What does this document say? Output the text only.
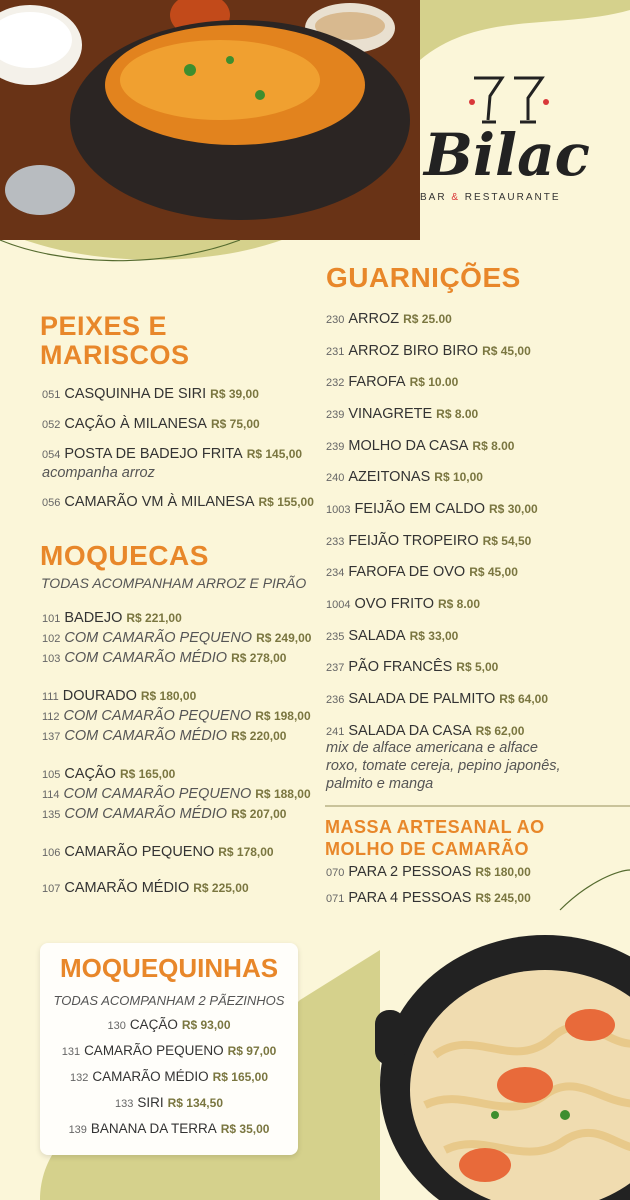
Bilac
BAR & RESTAURANTE
PEIXES E
MARISCOS
051 CASQUINHA DE SIRI R$ 39,00
052 CAÇÃO À MILANESA R$ 75,00
054 POSTA DE BADEJO FRITA R$ 145,00
acompanha arroz
056 CAMARÃO VM À MILANESA R$ 155,00
MOQUECAS
TODAS ACOMPANHAM ARROZ E PIRÃO
101 BADEJO R$ 221,00
102 COM CAMARÃO PEQUENO R$ 249,00
103 COM CAMARÃO MÉDIO R$ 278,00
111 DOURADO R$ 180,00
112 COM CAMARÃO PEQUENO R$ 198,00
137 COM CAMARÃO MÉDIO R$ 220,00
105 CAÇÃO R$ 165,00
114 COM CAMARÃO PEQUENO R$ 188,00
135 COM CAMARÃO MÉDIO R$ 207,00
106 CAMARÃO PEQUENO R$ 178,00
107 CAMARÃO MÉDIO R$ 225,00
GUARNIÇÕES
230 ARROZ R$ 25.00
231 ARROZ BIRO BIRO R$ 45,00
232 FAROFA R$ 10.00
239 VINAGRETE R$ 8.00
239 MOLHO DA CASA R$ 8.00
240 AZEITONAS R$ 10,00
1003 FEIJÃO EM CALDO R$ 30,00
233 FEIJÃO TROPEIRO R$ 54,50
234 FAROFA DE OVO R$ 45,00
1004 OVO FRITO R$ 8.00
235 SALADA R$ 33,00
237 PÃO FRANCÊS R$ 5,00
236 SALADA DE PALMITO R$ 64,00
241 SALADA DA CASA R$ 62,00
mix de alface americana e alface
roxo, tomate cereja, pepino japonês,
palmito e manga
MASSA ARTESANAL AO
MOLHO DE CAMARÃO
070 PARA 2 PESSOAS R$ 180,00
071 PARA 4 PESSOAS R$ 245,00
MOQUEQUINHAS
TODAS ACOMPANHAM 2 PÃEZINHOS
130 CAÇÃO R$ 93,00
131 CAMARÃO PEQUENO R$ 97,00
132 CAMARÃO MÉDIO R$ 165,00
133 SIRI R$ 134,50
139 BANANA DA TERRA R$ 35,00
